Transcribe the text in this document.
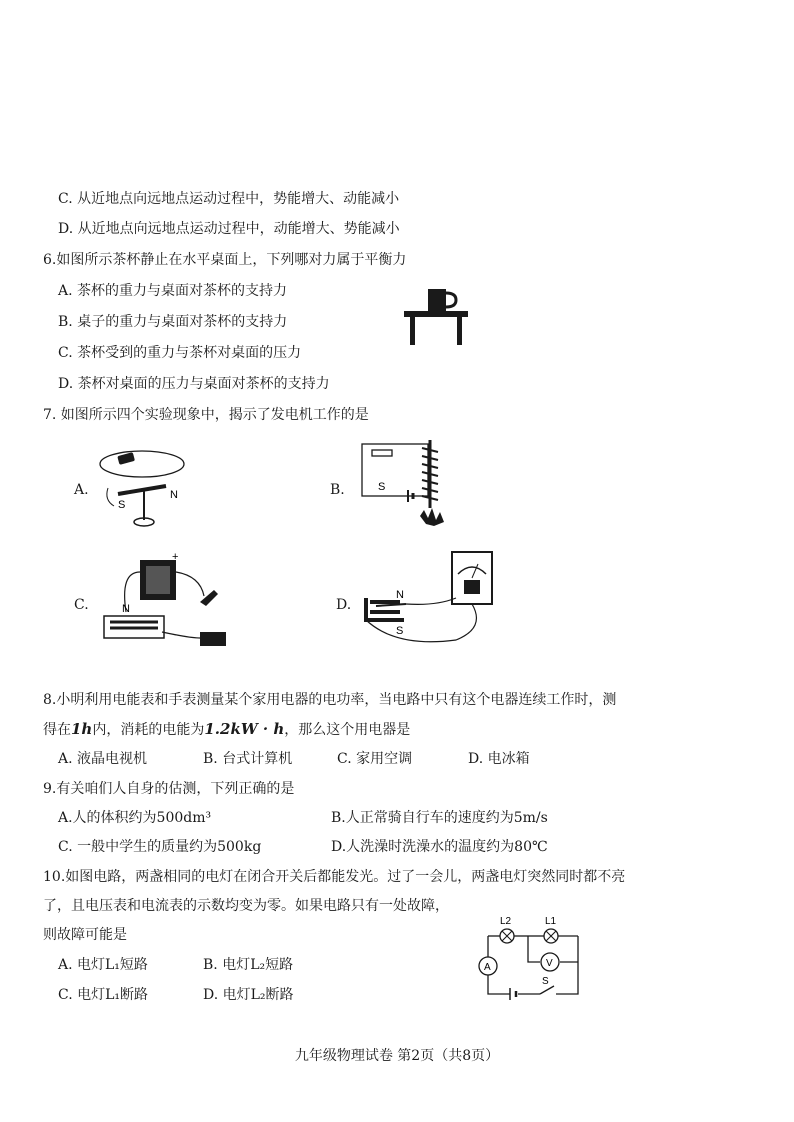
C. 从近地点向远地点运动过程中，势能增大、动能减小
D. 从近地点向远地点运动过程中，动能增大、势能减小
6.如图所示茶杯静止在水平桌面上，下列哪对力属于平衡力
A. 茶杯的重力与桌面对茶杯的支持力
B. 桌子的重力与桌面对茶杯的支持力
C. 茶杯受到的重力与茶杯对桌面的压力
D. 茶杯对桌面的压力与桌面对茶杯的支持力
7. 如图所示四个实验现象中，揭示了发电机工作的是
A.
S
N	B.	S
C.	N
+
D.
N
S
8.小明利用电能表和手表测量某个家用电器的电功率，当电路中只有这个电器连续工作时，测
得在1h内，消耗的电能为1.2kW · h，那么这个用电器是
A. 液晶电视机	B. 台式计算机	C. 家用空调	D. 电冰箱
9.有关咱们人自身的估测，下列正确的是
A.人的体积约为500dm³	B.人正常骑自行车的速度约为5m/s
C. 一般中学生的质量约为500kg	D.人洗澡时洗澡水的温度约为80℃
10.如图电路，两盏相同的电灯在闭合开关后都能发光。过了一会儿，两盏电灯突然同时都不亮
了，且电压表和电流表的示数均变为零。如果电路只有一处故障，
则故障可能是
A. 电灯L₁短路	B. 电灯L₂短路
C. 电灯L₁断路	D. 电灯L₂断路
L2	L1
A	V
S
九年级物理试卷 第2页（共8页）
